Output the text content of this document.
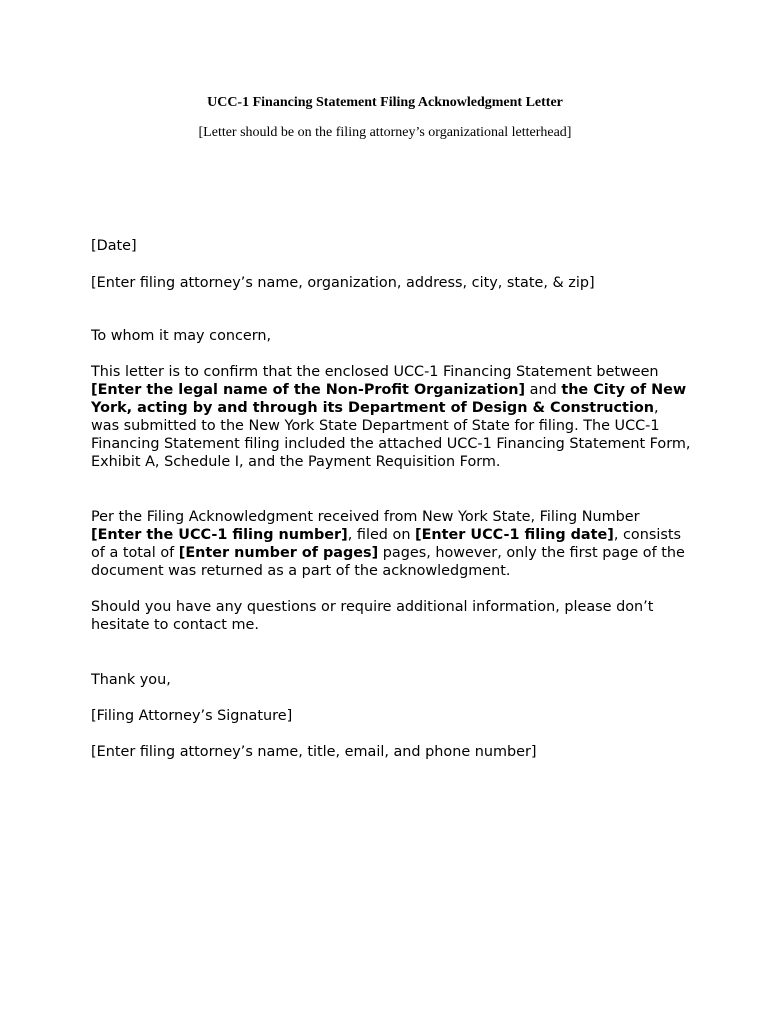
UCC-1 Financing Statement Filing Acknowledgment Letter
[Letter should be on the filing attorney’s organizational letterhead]

[Date]

[Enter filing attorney’s name, organization, address, city, state, & zip]

To whom it may concern,

This letter is to confirm that the enclosed UCC-1 Financing Statement between [Enter the legal name of the Non-Profit Organization] and the City of New York, acting by and through its Department of Design & Construction, was submitted to the New York State Department of State for filing. The UCC-1 Financing Statement filing included the attached UCC-1 Financing Statement Form, Exhibit A, Schedule I, and the Payment Requisition Form.

Per the Filing Acknowledgment received from New York State, Filing Number [Enter the UCC-1 filing number], filed on [Enter UCC-1 filing date], consists of a total of [Enter number of pages] pages, however, only the first page of the document was returned as a part of the acknowledgment.

Should you have any questions or require additional information, please don’t hesitate to contact me.

Thank you,

[Filing Attorney’s Signature]

[Enter filing attorney’s name, title, email, and phone number]
